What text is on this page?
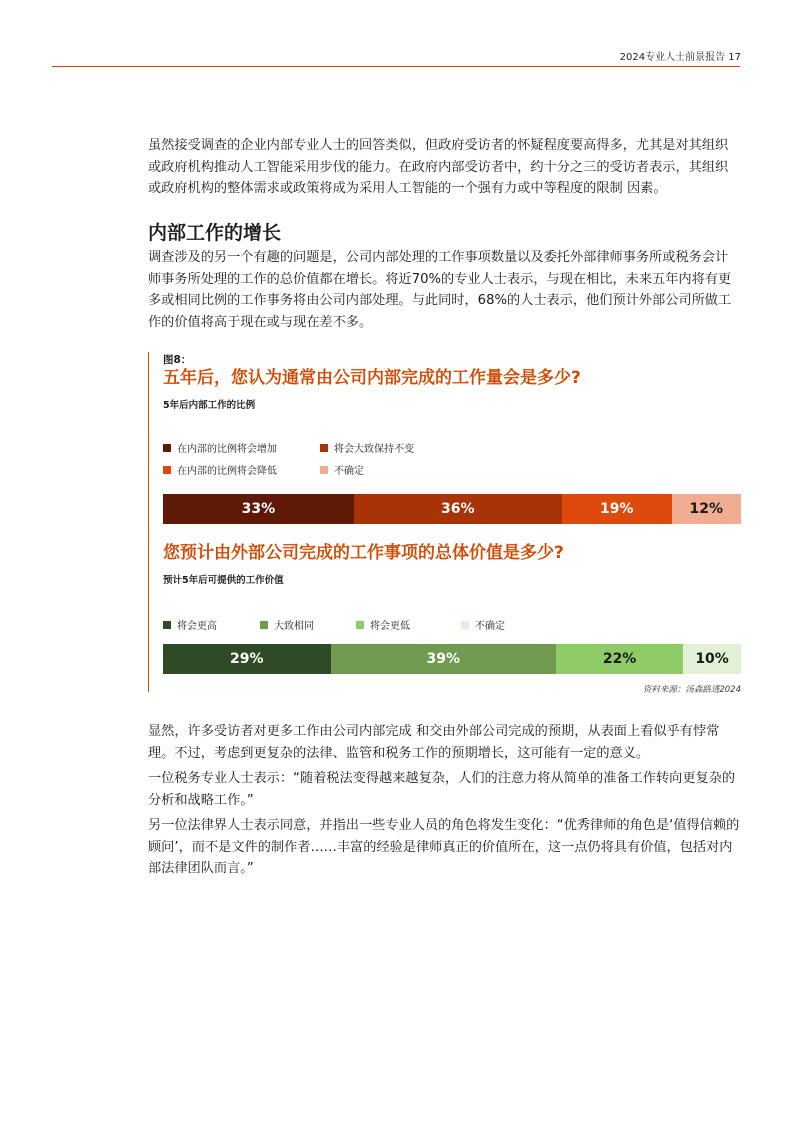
2024专业人士前景报告 17

虽然接受调查的企业内部专业人士的回答类似，但政府受访者的怀疑程度要高得多，尤其是对其组织或政府机构推动人工智能采用步伐的能力。在政府内部受访者中，约十分之三的受访者表示，其组织或政府机构的整体需求或政策将成为采用人工智能的一个强有力或中等程度的限制 因素。

内部工作的增长

调查涉及的另一个有趣的问题是，公司内部处理的工作事项数量以及委托外部律师事务所或税务会计师事务所处理的工作的总价值都在增长。将近70%的专业人士表示，与现在相比，未来五年内将有更多或相同比例的工作事务将由公司内部处理。与此同时，68%的人士表示，他们预计外部公司所做工作的价值将高于现在或与现在差不多。

图8：
五年后，您认为通常由公司内部完成的工作量会是多少?
5年后内部工作的比例
在内部的比例将会增加	将会大致保持不变
在内部的比例将会降低	不确定
33%	36%	19%	12%
您预计由外部公司完成的工作事项的总体价值是多少?
预计5年后可提供的工作价值
将会更高	大致相同	将会更低	不确定
29%	39%	22%	10%
资料来源：汤森路透2024

显然，许多受访者对更多工作由公司内部完成 和交由外部公司完成的预期，从表面上看似乎有悖常理。不过，考虑到更复杂的法律、监管和税务工作的预期增长，这可能有一定的意义。

一位税务专业人士表示：“随着税法变得越来越复杂，人们的注意力将从简单的准备工作转向更复杂的分析和战略工作。”

另一位法律界人士表示同意，并指出一些专业人员的角色将发生变化：“优秀律师的角色是‘值得信赖的顾问’，而不是文件的制作者……丰富的经验是律师真正的价值所在，这一点仍将具有价值，包括对内部法律团队而言。”
